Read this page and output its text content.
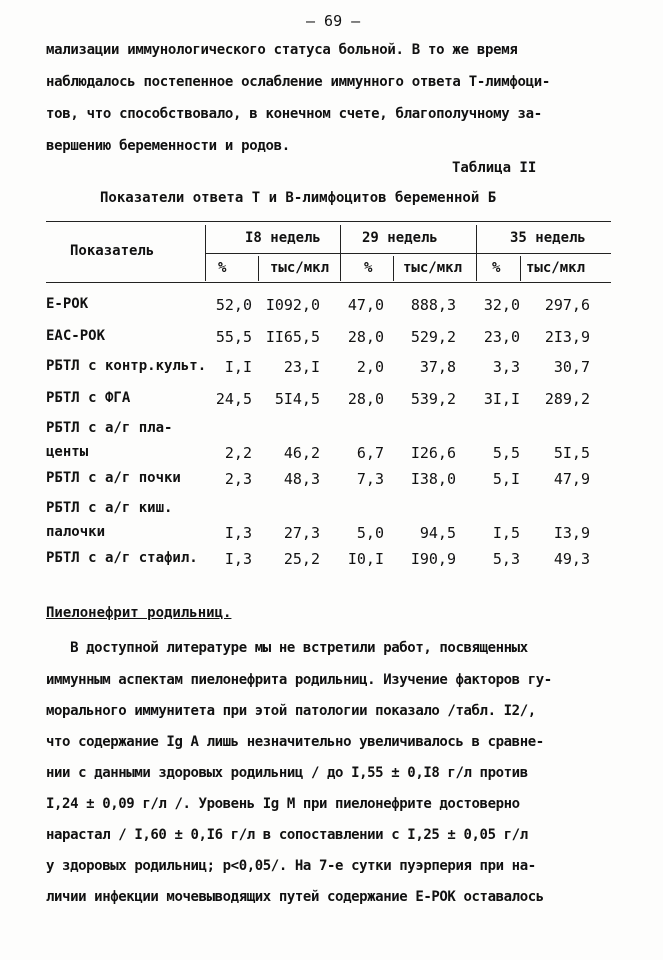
– 69 –
мализации иммунологического статуса больной. В то же время
наблюдалось постепенное ослабление иммунного ответа Т-лимфоци-
тов, что способствовало, в конечном счете, благополучному за-
вершению беременности и родов.
Таблица II
Показатели ответа Т и В-лимфоцитов беременной Б
Показатель
I8 недель	29 недель	35 недель
%	тыс/мкл % тыс/мкл % тыс/мкл
Е-РОК	52,0 I092,0	47,0	888,3	32,0	297,6
ЕАС-РОК	55,5 II65,5	28,0	529,2	23,0	2I3,9
РБТЛ с контр.культ.	I,I	23,I	2,0	37,8	3,3	30,7
РБТЛ с ФГА	24,5	5I4,5	28,0	539,2	3I,I	289,2
РБТЛ с а/г пла-
центы	2,2	46,2	6,7	I26,6	5,5	5I,5
РБТЛ с а/г почки	2,3	48,3	7,3	I38,0	5,I	47,9
РБТЛ с а/г киш.
палочки	I,3	27,3	5,0	94,5	I,5	I3,9
РБТЛ с а/г стафил.	I,3	25,2	I0,I	I90,9	5,3	49,3
Пиелонефрит родильниц.
В доступной литературе мы не встретили работ, посвященных
иммунным аспектам пиелонефрита родильниц. Изучение факторов гу-
морального иммунитета при этой патологии показало /табл. I2/,
что содержание Ig A лишь незначительно увеличивалось в сравне-
нии с данными здоровых родильниц / до I,55 ± 0,I8 г/л против
I,24 ± 0,09 г/л /. Уровень Ig M при пиелонефрите достоверно
нарастал / I,60 ± 0,I6 г/л в сопоставлении с I,25 ± 0,05 г/л
у здоровых родильниц; p<0,05/. На 7-е сутки пуэрперия при на-
личии инфекции мочевыводящих путей содержание Е-РОК оставалось
